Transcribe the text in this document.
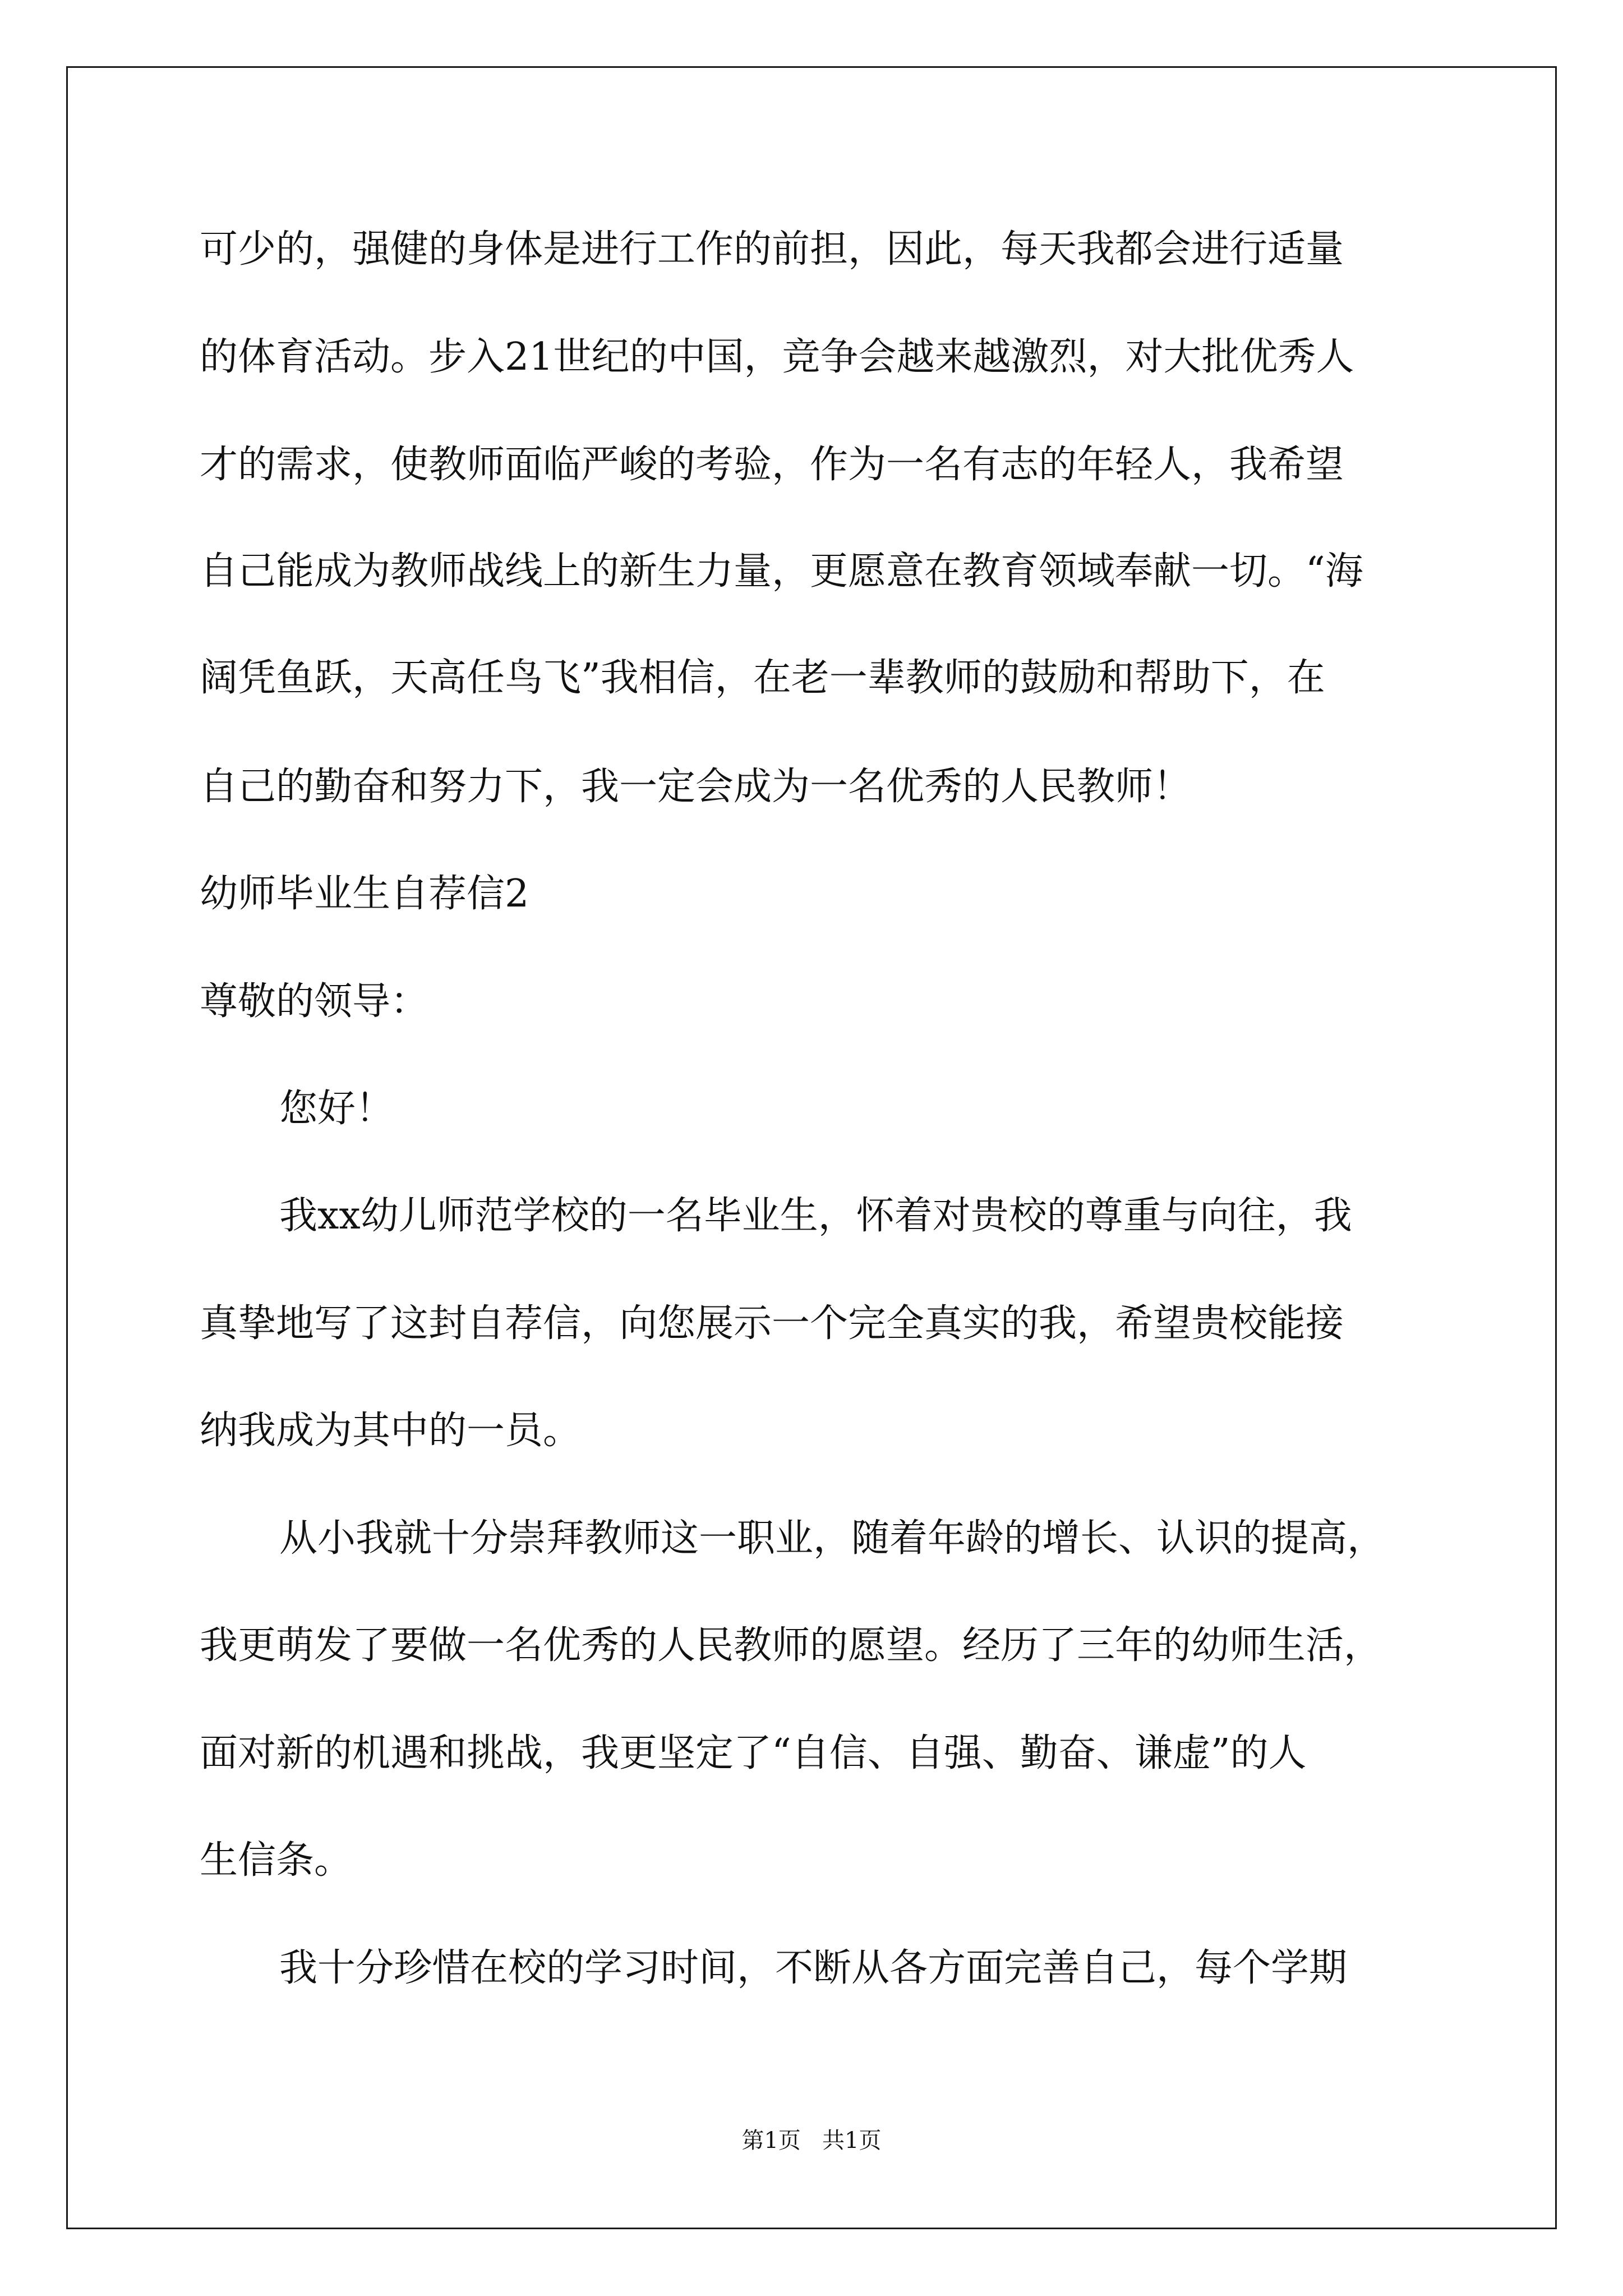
可少的，强健的身体是进行工作的前担，因此，每天我都会进行适量
的体育活动。步入21世纪的中国，竞争会越来越激烈，对大批优秀人
才的需求，使教师面临严峻的考验，作为一名有志的年轻人，我希望
自己能成为教师战线上的新生力量，更愿意在教育领域奉献一切。“海
阔凭鱼跃，天高任鸟飞”我相信，在老一辈教师的鼓励和帮助下，在
自己的勤奋和努力下，我一定会成为一名优秀的人民教师！
幼师毕业生自荐信2
尊敬的领导：
您好！
我xx幼儿师范学校的一名毕业生，怀着对贵校的尊重与向往，我
真挚地写了这封自荐信，向您展示一个完全真实的我，希望贵校能接
纳我成为其中的一员。
从小我就十分崇拜教师这一职业，随着年龄的增长、认识的提高，
我更萌发了要做一名优秀的人民教师的愿望。经历了三年的幼师生活，
面对新的机遇和挑战，我更坚定了“自信、自强、勤奋、谦虚”的人
生信条。
我十分珍惜在校的学习时间，不断从各方面完善自己，每个学期
第1页   共1页
